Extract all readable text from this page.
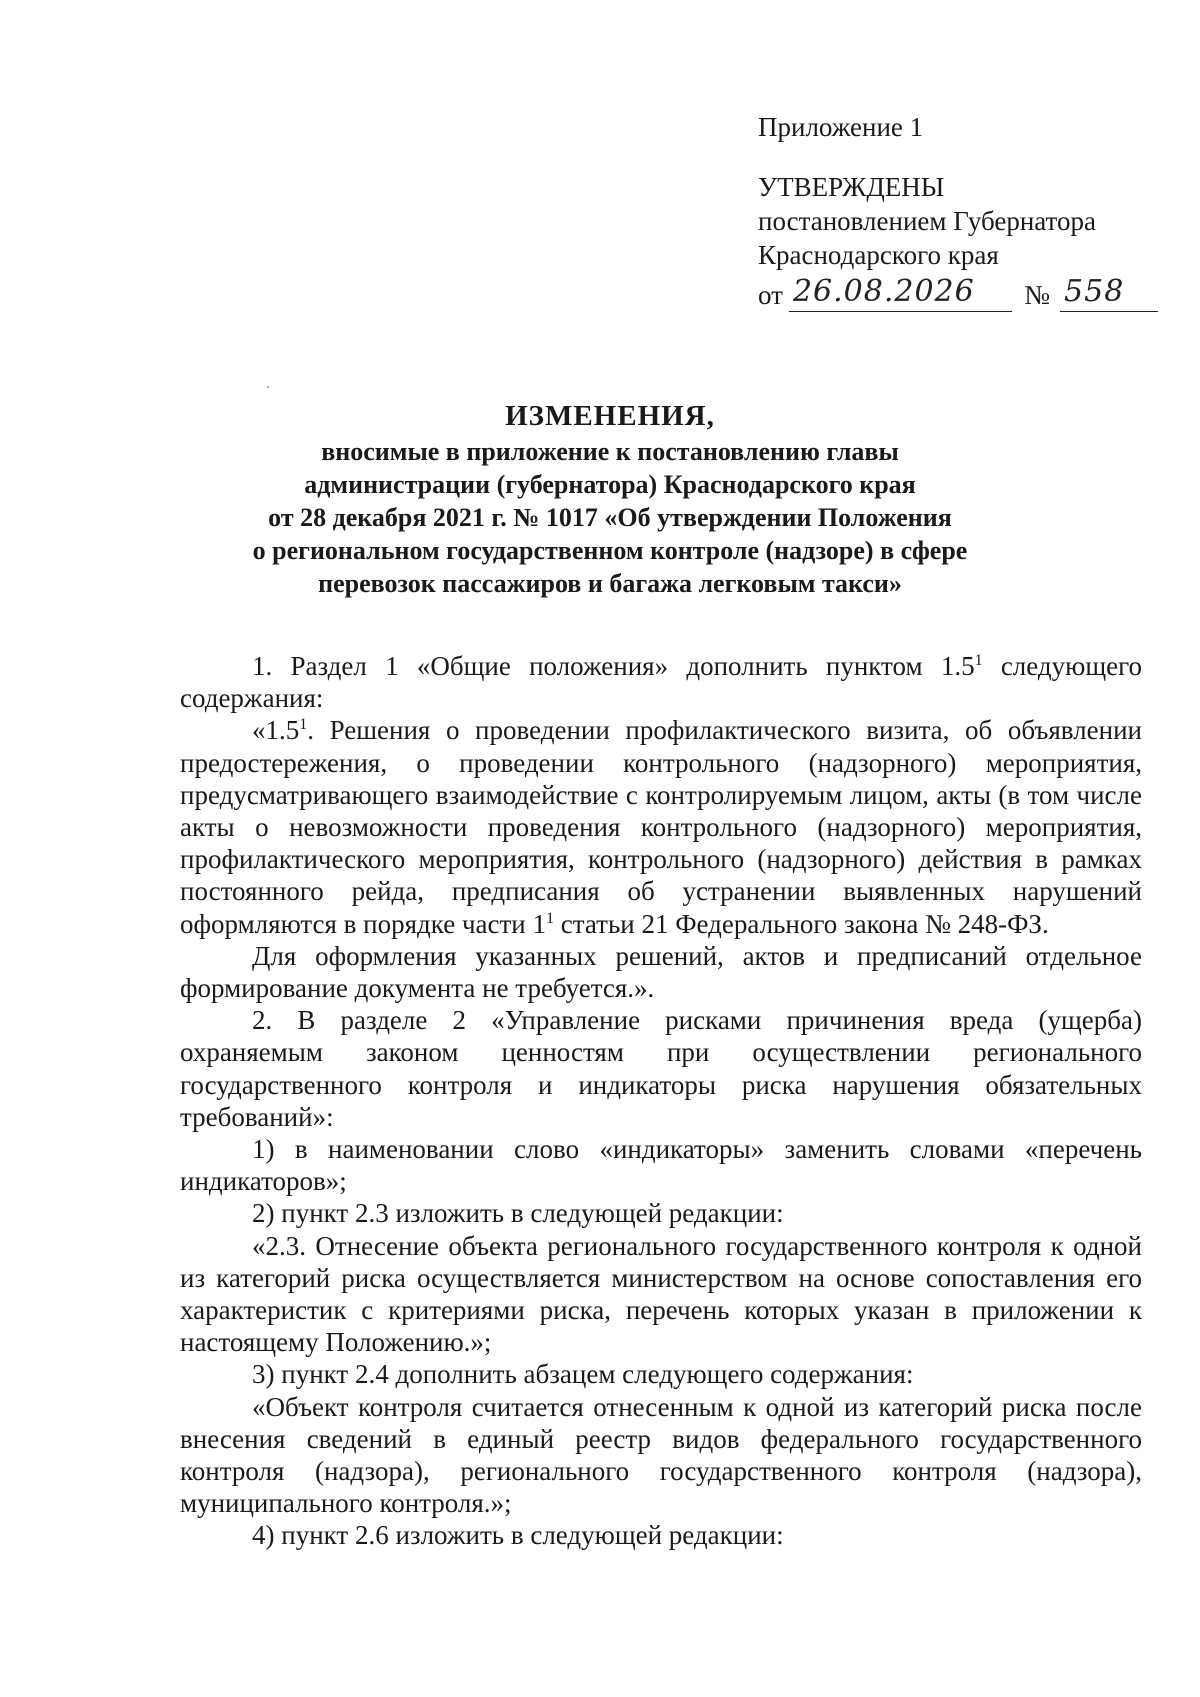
Приложение 1
УТВЕРЖДЕНЫ
постановлением Губернатора
Краснодарского края
от 26.08.2026 № 558
ИЗМЕНЕНИЯ,
вносимые в приложение к постановлению главы
администрации (губернатора) Краснодарского края
от 28 декабря 2021 г. № 1017 «Об утверждении Положения
о региональном государственном контроле (надзоре) в сфере
перевозок пассажиров и багажа легковым такси»

1. Раздел 1 «Общие положения» дополнить пунктом $1.5^1$ следующего содержания:

«$1.5^1$. Решения о проведении профилактического визита, об объявлении предостережения, о проведении контрольного (надзорного) мероприятия, предусматривающего взаимодействие с контролируемым лицом, акты (в том числе акты о невозможности проведения контрольного (надзорного) мероприятия, профилактического мероприятия, контрольного (надзорного) действия в рамках постоянного рейда, предписания об устранении выявленных нарушений оформляются в порядке части $1^1$ статьи 21 Федерального закона № 248-ФЗ.

Для оформления указанных решений, актов и предписаний отдельное формирование документа не требуется.».

2. В разделе 2 «Управление рисками причинения вреда (ущерба) охраняемым законом ценностям при осуществлении регионального государственного контроля и индикаторы риска нарушения обязательных требований»:

1) в наименовании слово «индикаторы» заменить словами «перечень индикаторов»;

2) пункт 2.3 изложить в следующей редакции:

«2.3. Отнесение объекта регионального государственного контроля к одной из категорий риска осуществляется министерством на основе сопоставления его характеристик с критериями риска, перечень которых указан в приложении к настоящему Положению.»;

3) пункт 2.4 дополнить абзацем следующего содержания:

«Объект контроля считается отнесенным к одной из категорий риска после внесения сведений в единый реестр видов федерального государственного контроля (надзора), регионального государственного контроля (надзора), муниципального контроля.»;

4) пункт 2.6 изложить в следующей редакции:
